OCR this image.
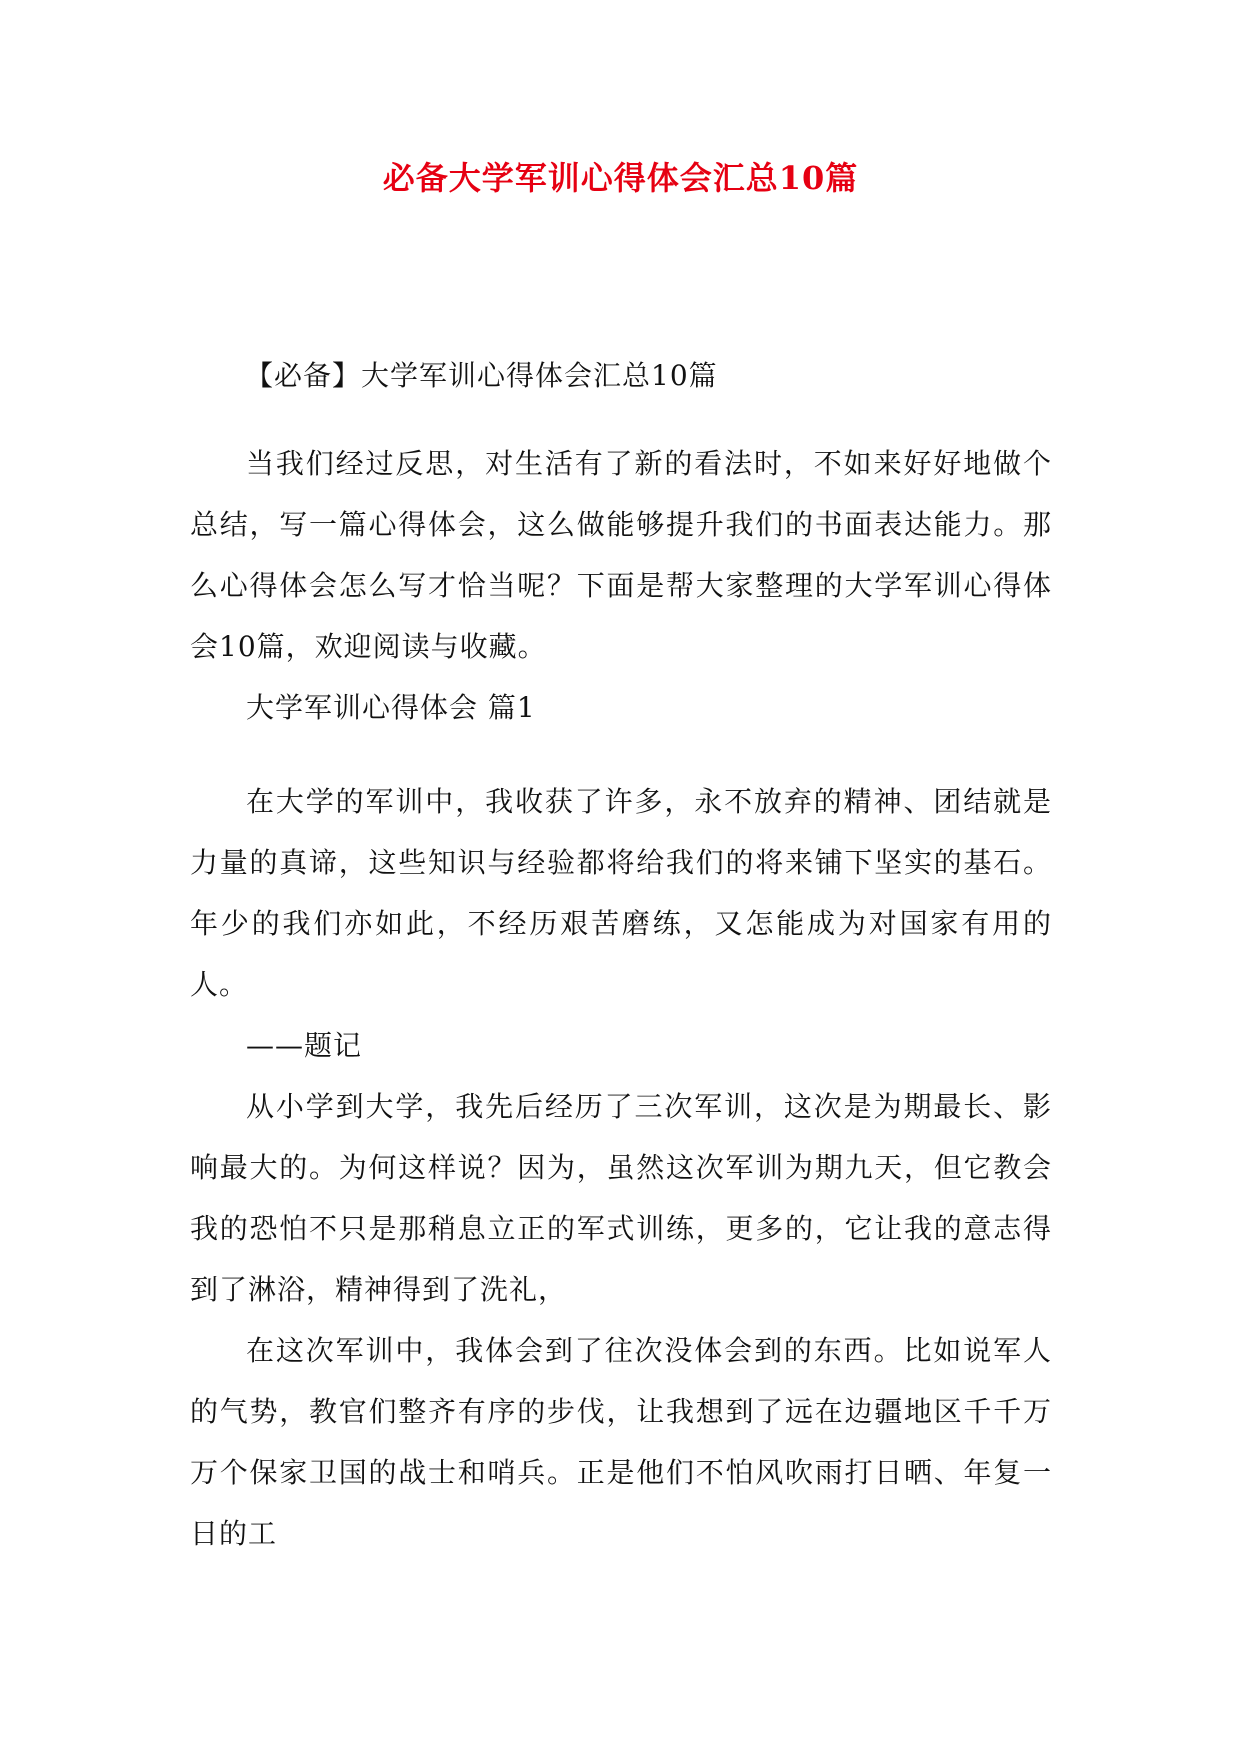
必备大学军训心得体会汇总10篇
【必备】大学军训心得体会汇总10篇

当我们经过反思，对生活有了新的看法时，不如来好好地做个总结，写一篇心得体会，这么做能够提升我们的书面表达能力。那么心得体会怎么写才恰当呢？下面是帮大家整理的大学军训心得体会10篇，欢迎阅读与收藏。

大学军训心得体会 篇1

在大学的军训中，我收获了许多，永不放弃的精神、团结就是力量的真谛，这些知识与经验都将给我们的将来铺下坚实的基石。年少的我们亦如此，不经历艰苦磨练，又怎能成为对国家有用的人。

——题记

从小学到大学，我先后经历了三次军训，这次是为期最长、影响最大的。为何这样说？因为，虽然这次军训为期九天，但它教会我的恐怕不只是那稍息立正的军式训练，更多的，它让我的意志得到了淋浴，精神得到了洗礼，

在这次军训中，我体会到了往次没体会到的东西。比如说军人的气势，教官们整齐有序的步伐，让我想到了远在边疆地区千千万万个保家卫国的战士和哨兵。正是他们不怕风吹雨打日晒、年复一日的工
